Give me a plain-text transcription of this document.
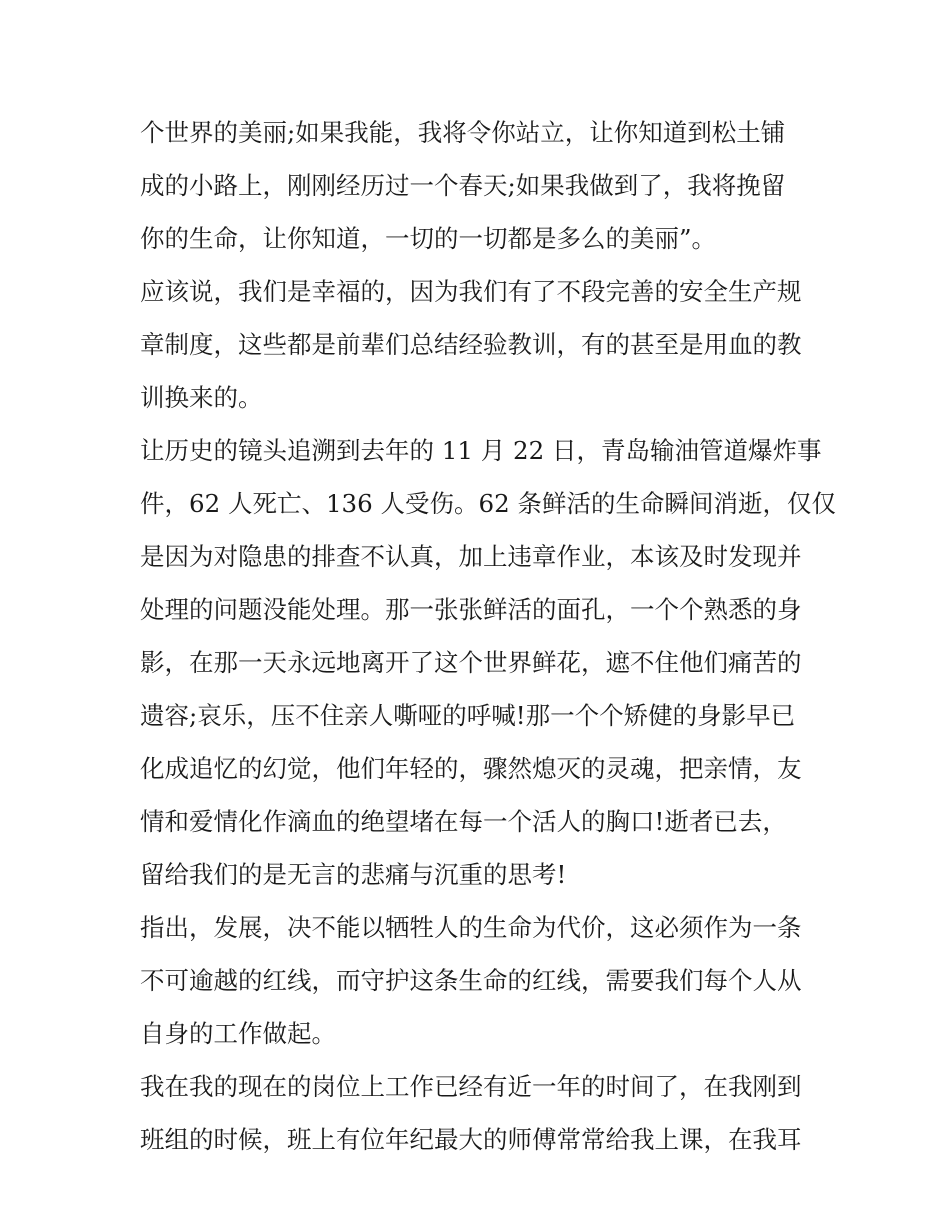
个世界的美丽;如果我能，我将令你站立，让你知道到松土铺
成的小路上，刚刚经历过一个春天;如果我做到了，我将挽留
你的生命，让你知道，一切的一切都是多么的美丽”。
应该说，我们是幸福的，因为我们有了不段完善的安全生产规
章制度，这些都是前辈们总结经验教训，有的甚至是用血的教
训换来的。
让历史的镜头追溯到去年的 11 月 22 日，青岛输油管道爆炸事
件，62 人死亡、136 人受伤。62 条鲜活的生命瞬间消逝，仅仅
是因为对隐患的排查不认真，加上违章作业，本该及时发现并
处理的问题没能处理。那一张张鲜活的面孔，一个个熟悉的身
影，在那一天永远地离开了这个世界鲜花，遮不住他们痛苦的
遗容;哀乐，压不住亲人嘶哑的呼喊!那一个个矫健的身影早已
化成追忆的幻觉，他们年轻的，骤然熄灭的灵魂，把亲情，友
情和爱情化作滴血的绝望堵在每一个活人的胸口!逝者已去，
留给我们的是无言的悲痛与沉重的思考!
指出，发展，决不能以牺牲人的生命为代价，这必须作为一条
不可逾越的红线，而守护这条生命的红线，需要我们每个人从
自身的工作做起。
我在我的现在的岗位上工作已经有近一年的时间了，在我刚到
班组的时候，班上有位年纪最大的师傅常常给我上课，在我耳
